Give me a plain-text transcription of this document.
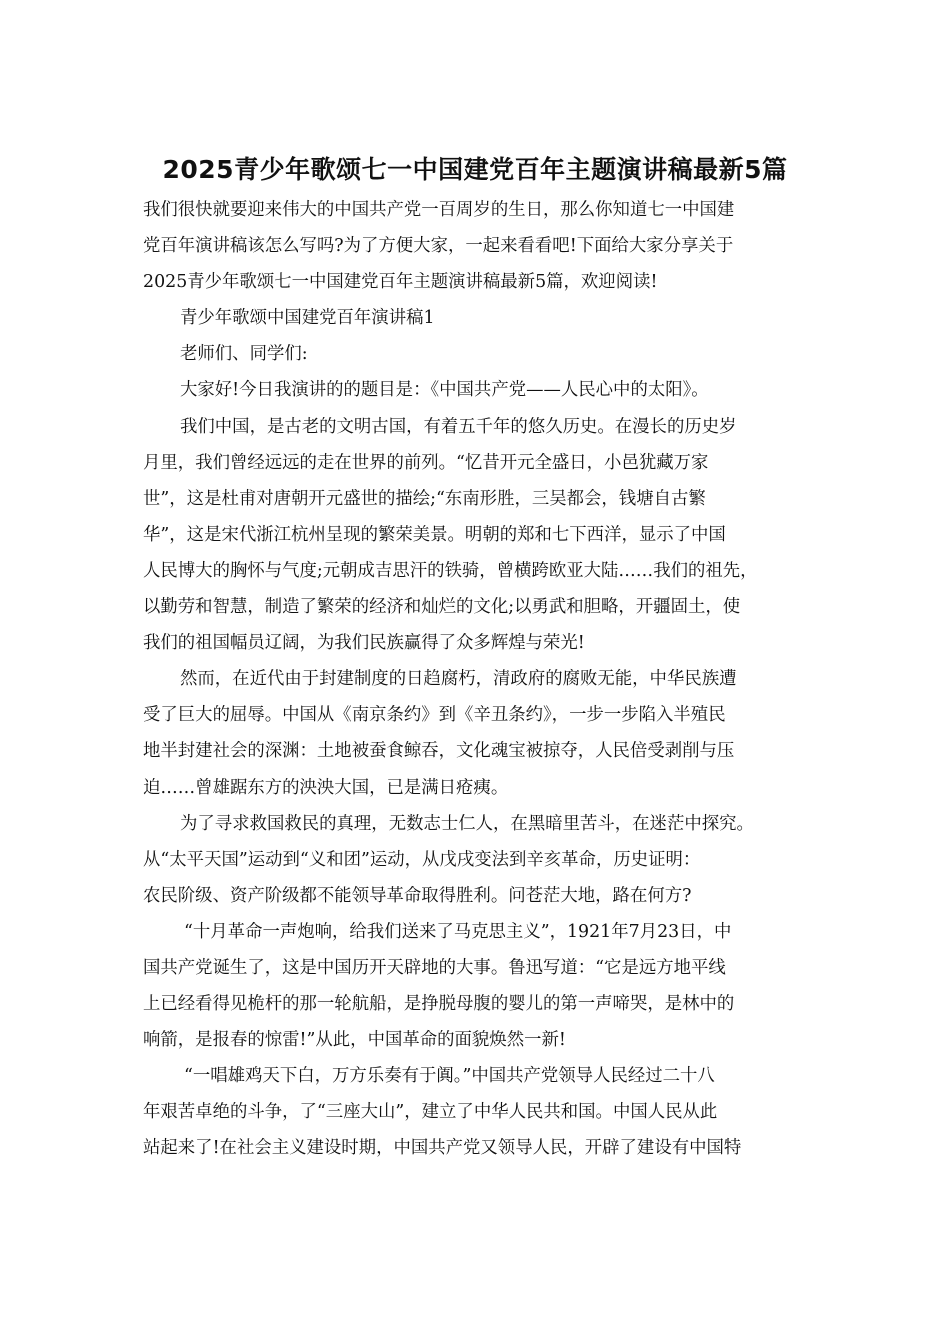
2025青少年歌颂七一中国建党百年主题演讲稿最新5篇
我们很快就要迎来伟大的中国共产党一百周岁的生日，那么你知道七一中国建
党百年演讲稿该怎么写吗?为了方便大家，一起来看看吧!下面给大家分享关于
2025青少年歌颂七一中国建党百年主题演讲稿最新5篇，欢迎阅读!
青少年歌颂中国建党百年演讲稿1
老师们、同学们:
大家好!今日我演讲的的题目是：《中国共产党——人民心中的太阳》。
我们中国，是古老的文明古国，有着五千年的悠久历史。在漫长的历史岁
月里，我们曾经远远的走在世界的前列。“忆昔开元全盛日，小邑犹藏万家
世”，这是杜甫对唐朝开元盛世的描绘;“东南形胜，三吴都会，钱塘自古繁
华”，这是宋代浙江杭州呈现的繁荣美景。明朝的郑和七下西洋，显示了中国
人民博大的胸怀与气度;元朝成吉思汗的铁骑，曾横跨欧亚大陆……我们的祖先，
以勤劳和智慧，制造了繁荣的经济和灿烂的文化;以勇武和胆略，开疆固土，使
我们的祖国幅员辽阔，为我们民族赢得了众多辉煌与荣光!
然而，在近代由于封建制度的日趋腐朽，清政府的腐败无能，中华民族遭
受了巨大的屈辱。中国从《南京条约》到《辛丑条约》，一步一步陷入半殖民
地半封建社会的深渊：土地被蚕食鲸吞，文化魂宝被掠夺，人民倍受剥削与压
迫……曾雄踞东方的泱泱大国，已是满日疮痍。
为了寻求救国救民的真理，无数志士仁人，在黑暗里苦斗，在迷茫中探究。
从“太平天国”运动到“义和团”运动，从戊戌变法到辛亥革命，历史证明：
农民阶级、资产阶级都不能领导革命取得胜利。问苍茫大地，路在何方?
“十月革命一声炮响，给我们送来了马克思主义”，1921年7月23日，中
国共产党诞生了，这是中国历开天辟地的大事。鲁迅写道：“它是远方地平线
上已经看得见桅杆的那一轮航船，是挣脱母腹的婴儿的第一声啼哭，是林中的
响箭，是报春的惊雷!”从此，中国革命的面貌焕然一新!
“一唱雄鸡天下白，万方乐奏有于阗。”中国共产党领导人民经过二十八
年艰苦卓绝的斗争，了“三座大山”，建立了中华人民共和国。中国人民从此
站起来了!在社会主义建设时期，中国共产党又领导人民，开辟了建设有中国特
